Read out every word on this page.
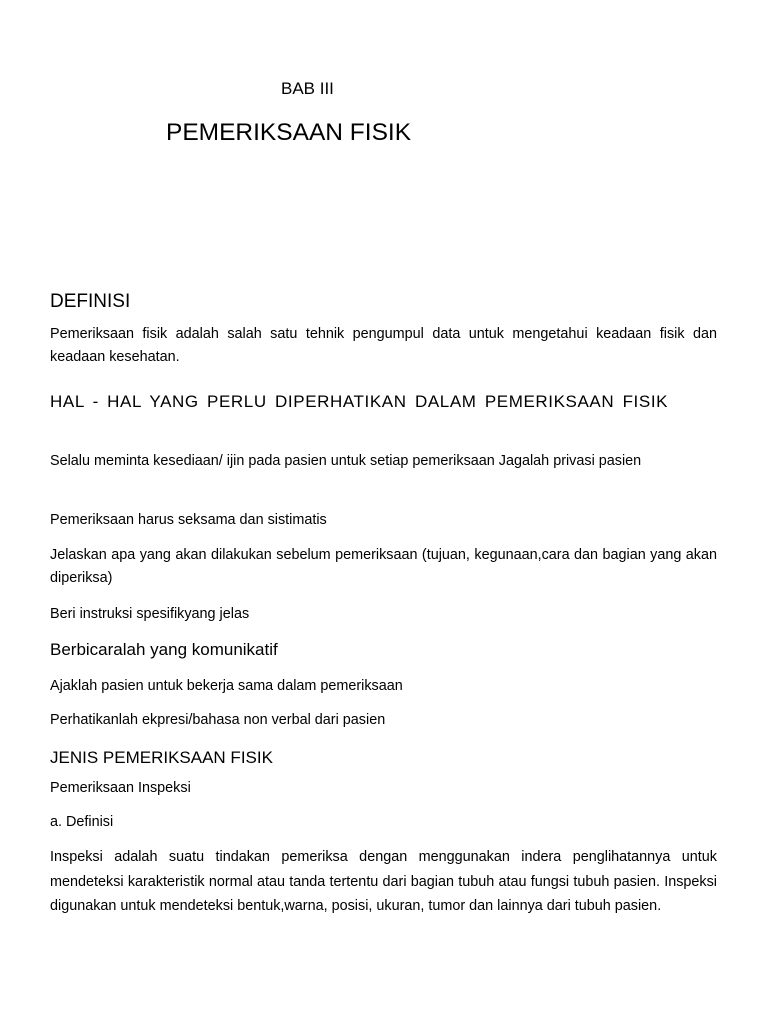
BAB III

PEMERIKSAAN FISIK
DEFINISI

Pemeriksaan fisik adalah salah satu tehnik pengumpul data untuk mengetahui keadaan fisik dan keadaan kesehatan.

HAL - HAL YANG PERLU DIPERHATIKAN DALAM PEMERIKSAAN FISIK

Selalu meminta kesediaan/ ijin pada pasien untuk setiap pemeriksaan Jagalah privasi pasien

Pemeriksaan harus seksama dan sistimatis

Jelaskan apa yang akan dilakukan sebelum pemeriksaan (tujuan, kegunaan,cara dan bagian yang akan diperiksa)

Beri instruksi spesifikyang jelas

Berbicaralah yang komunikatif

Ajaklah pasien untuk bekerja sama dalam pemeriksaan

Perhatikanlah ekpresi/bahasa non verbal dari pasien

JENIS PEMERIKSAAN FISIK

Pemeriksaan Inspeksi

a. Definisi

Inspeksi adalah suatu tindakan pemeriksa dengan menggunakan indera penglihatannya untuk mendeteksi karakteristik normal atau tanda tertentu dari bagian tubuh atau fungsi tubuh pasien. Inspeksi digunakan untuk mendeteksi bentuk,warna, posisi, ukuran, tumor dan lainnya dari tubuh pasien.
